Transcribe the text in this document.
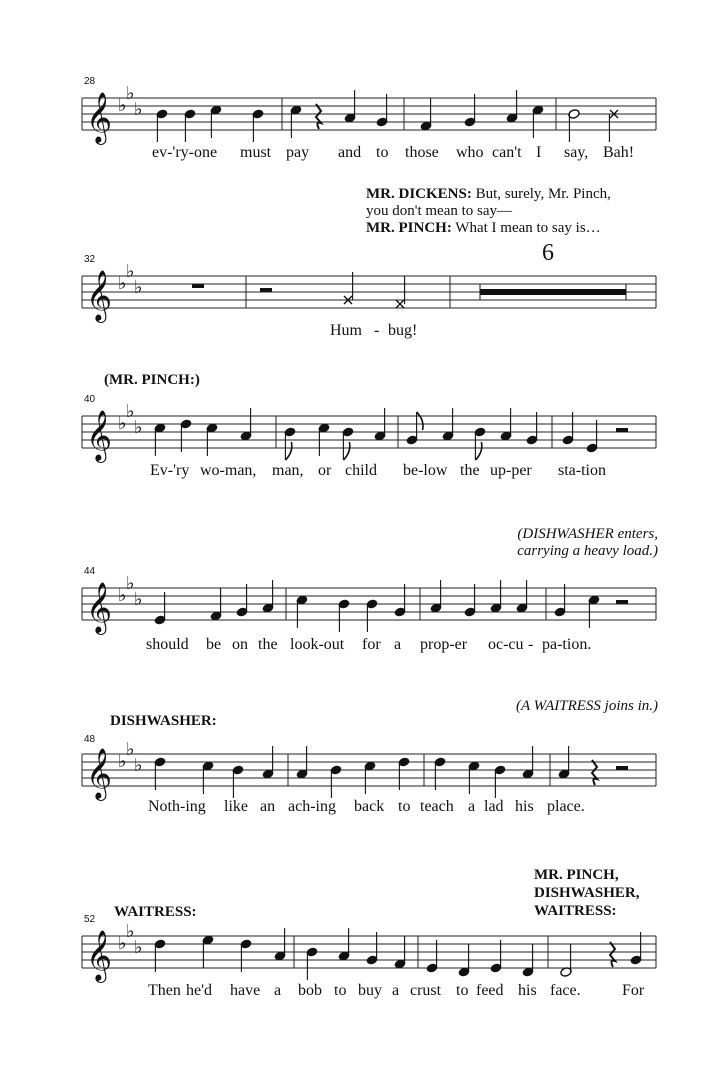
28
𝄞 ♭
♭
♭
ev-'ry-one must pay and to those who can't I say, Bah!
MR. DICKENS: But, surely, Mr. Pinch,
you don't mean to say—
MR. PINCH: What I mean to say is…
32	6
𝄞 ♭
♭
♭
Hum - bug!
(MR. PINCH:)
40
𝄞 ♭
♭
♭
Ev-'ry wo-man, man, or child be-low the up-per sta-tion
(DISHWASHER enters,
carrying a heavy load.)
44
𝄞 ♭
♭
♭
should be on the look-out for a prop-er oc-cu - pa-tion.
(A WAITRESS joins in.)
DISHWASHER:
48
𝄞 ♭
♭
♭
Noth-ing like an ach-ing back to teach a lad his place.
MR. PINCH,
DISHWASHER,
WAITRESS:
WAITRESS:
52
𝄞 ♭
♭
♭
Then he'd have a bob to buy a crust to feed his face.	For
